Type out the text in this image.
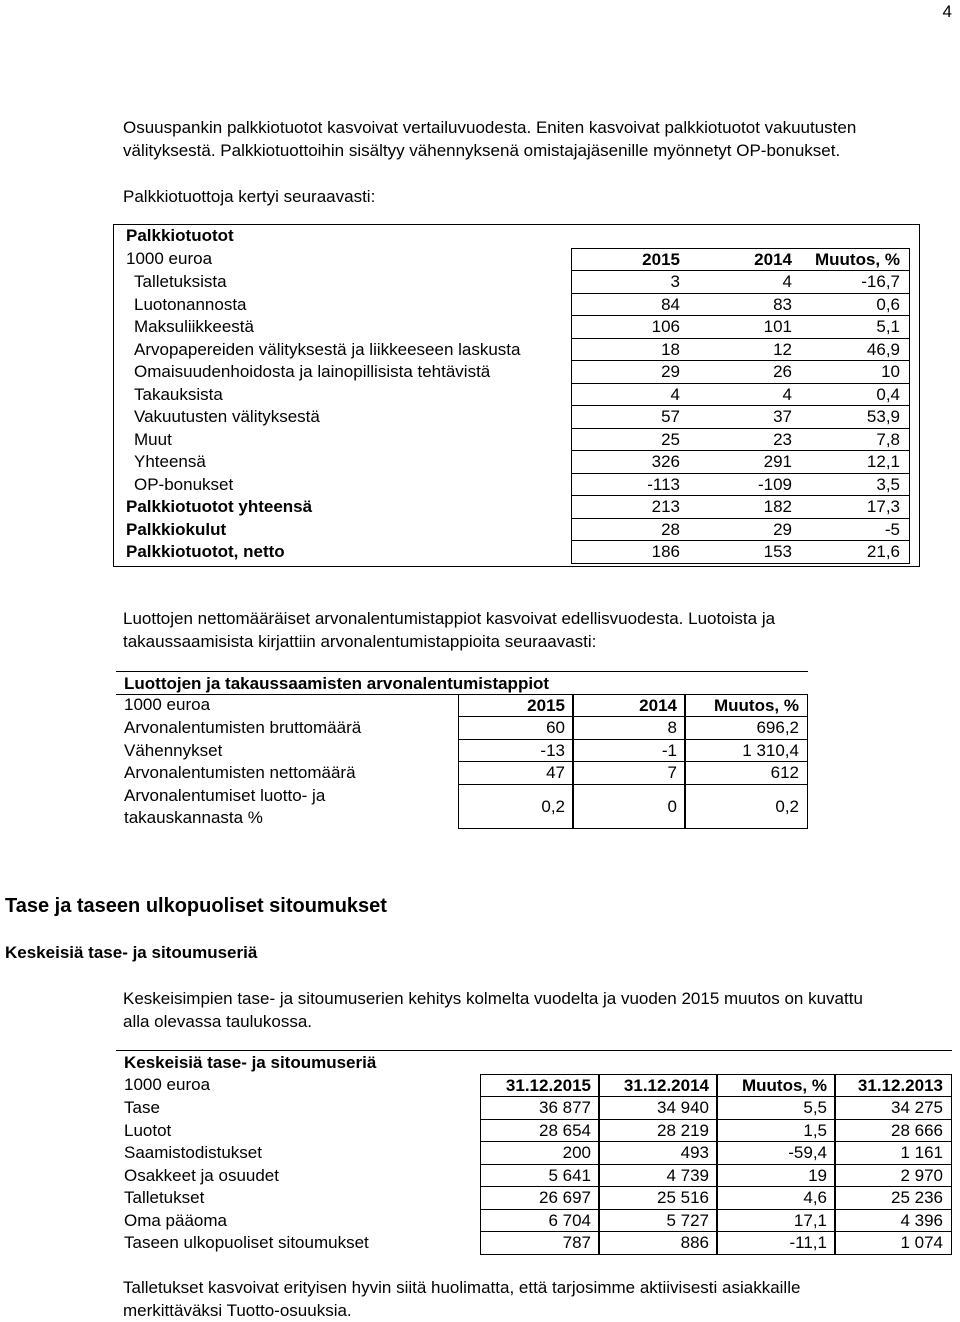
4
Osuuspankin palkkiotuotot kasvoivat vertailuvuodesta. Eniten kasvoivat palkkiotuotot vakuutusten
välityksestä. Palkkiotuottoihin sisältyy vähennyksenä omistajajäsenille myönnetyt OP-bonukset.
Palkkiotuottoja kertyi seuraavasti:
Palkkiotuotot
1000 euroa	2015	2014 Muutos, %
Talletuksista	3	4	-16,7
Luotonannosta	84	83	0,6
Maksuliikkeestä	106	101	5,1
Arvopapereiden välityksestä ja liikkeeseen laskusta	18	12	46,9
Omaisuudenhoidosta ja lainopillisista tehtävistä	29	26	10
Takauksista	4	4	0,4
Vakuutusten välityksestä	57	37	53,9
Muut	25	23	7,8
Yhteensä	326	291	12,1
OP-bonukset	-113	-109	3,5
Palkkiotuotot yhteensä	213	182	17,3
Palkkiokulut	28	29	-5
Palkkiotuotot, netto	186	153	21,6
Luottojen nettomääräiset arvonalentumistappiot kasvoivat edellisvuodesta. Luotoista ja
takaussaamisista kirjattiin arvonalentumistappioita seuraavasti:
Luottojen ja takaussaamisten arvonalentumistappiot
1000 euroa	2015	2014	Muutos, %
Arvonalentumisten bruttomäärä	60	8	696,2
Vähennykset	-13	-1	1 310,4
Arvonalentumisten nettomäärä	47	7	612
Arvonalentumiset luotto- ja
takauskannasta %
0,2	0	0,2
Tase ja taseen ulkopuoliset sitoumukset
Keskeisiä tase- ja sitoumuseriä
Keskeisimpien tase- ja sitoumuserien kehitys kolmelta vuodelta ja vuoden 2015 muutos on kuvattu
alla olevassa taulukossa.
Keskeisiä tase- ja sitoumuseriä
1000 euroa	31.12.2015	31.12.2014	Muutos, %	31.12.2013
Tase	36 877	34 940	5,5	34 275
Luotot	28 654	28 219	1,5	28 666
Saamistodistukset	200	493	-59,4	1 161
Osakkeet ja osuudet	5 641	4 739	19	2 970
Talletukset	26 697	25 516	4,6	25 236
Oma pääoma	6 704	5 727	17,1	4 396
Taseen ulkopuoliset sitoumukset	787	886	-11,1	1 074
Talletukset kasvoivat erityisen hyvin siitä huolimatta, että tarjosimme aktiivisesti asiakkaille
merkittäväksi Tuotto-osuuksia.
